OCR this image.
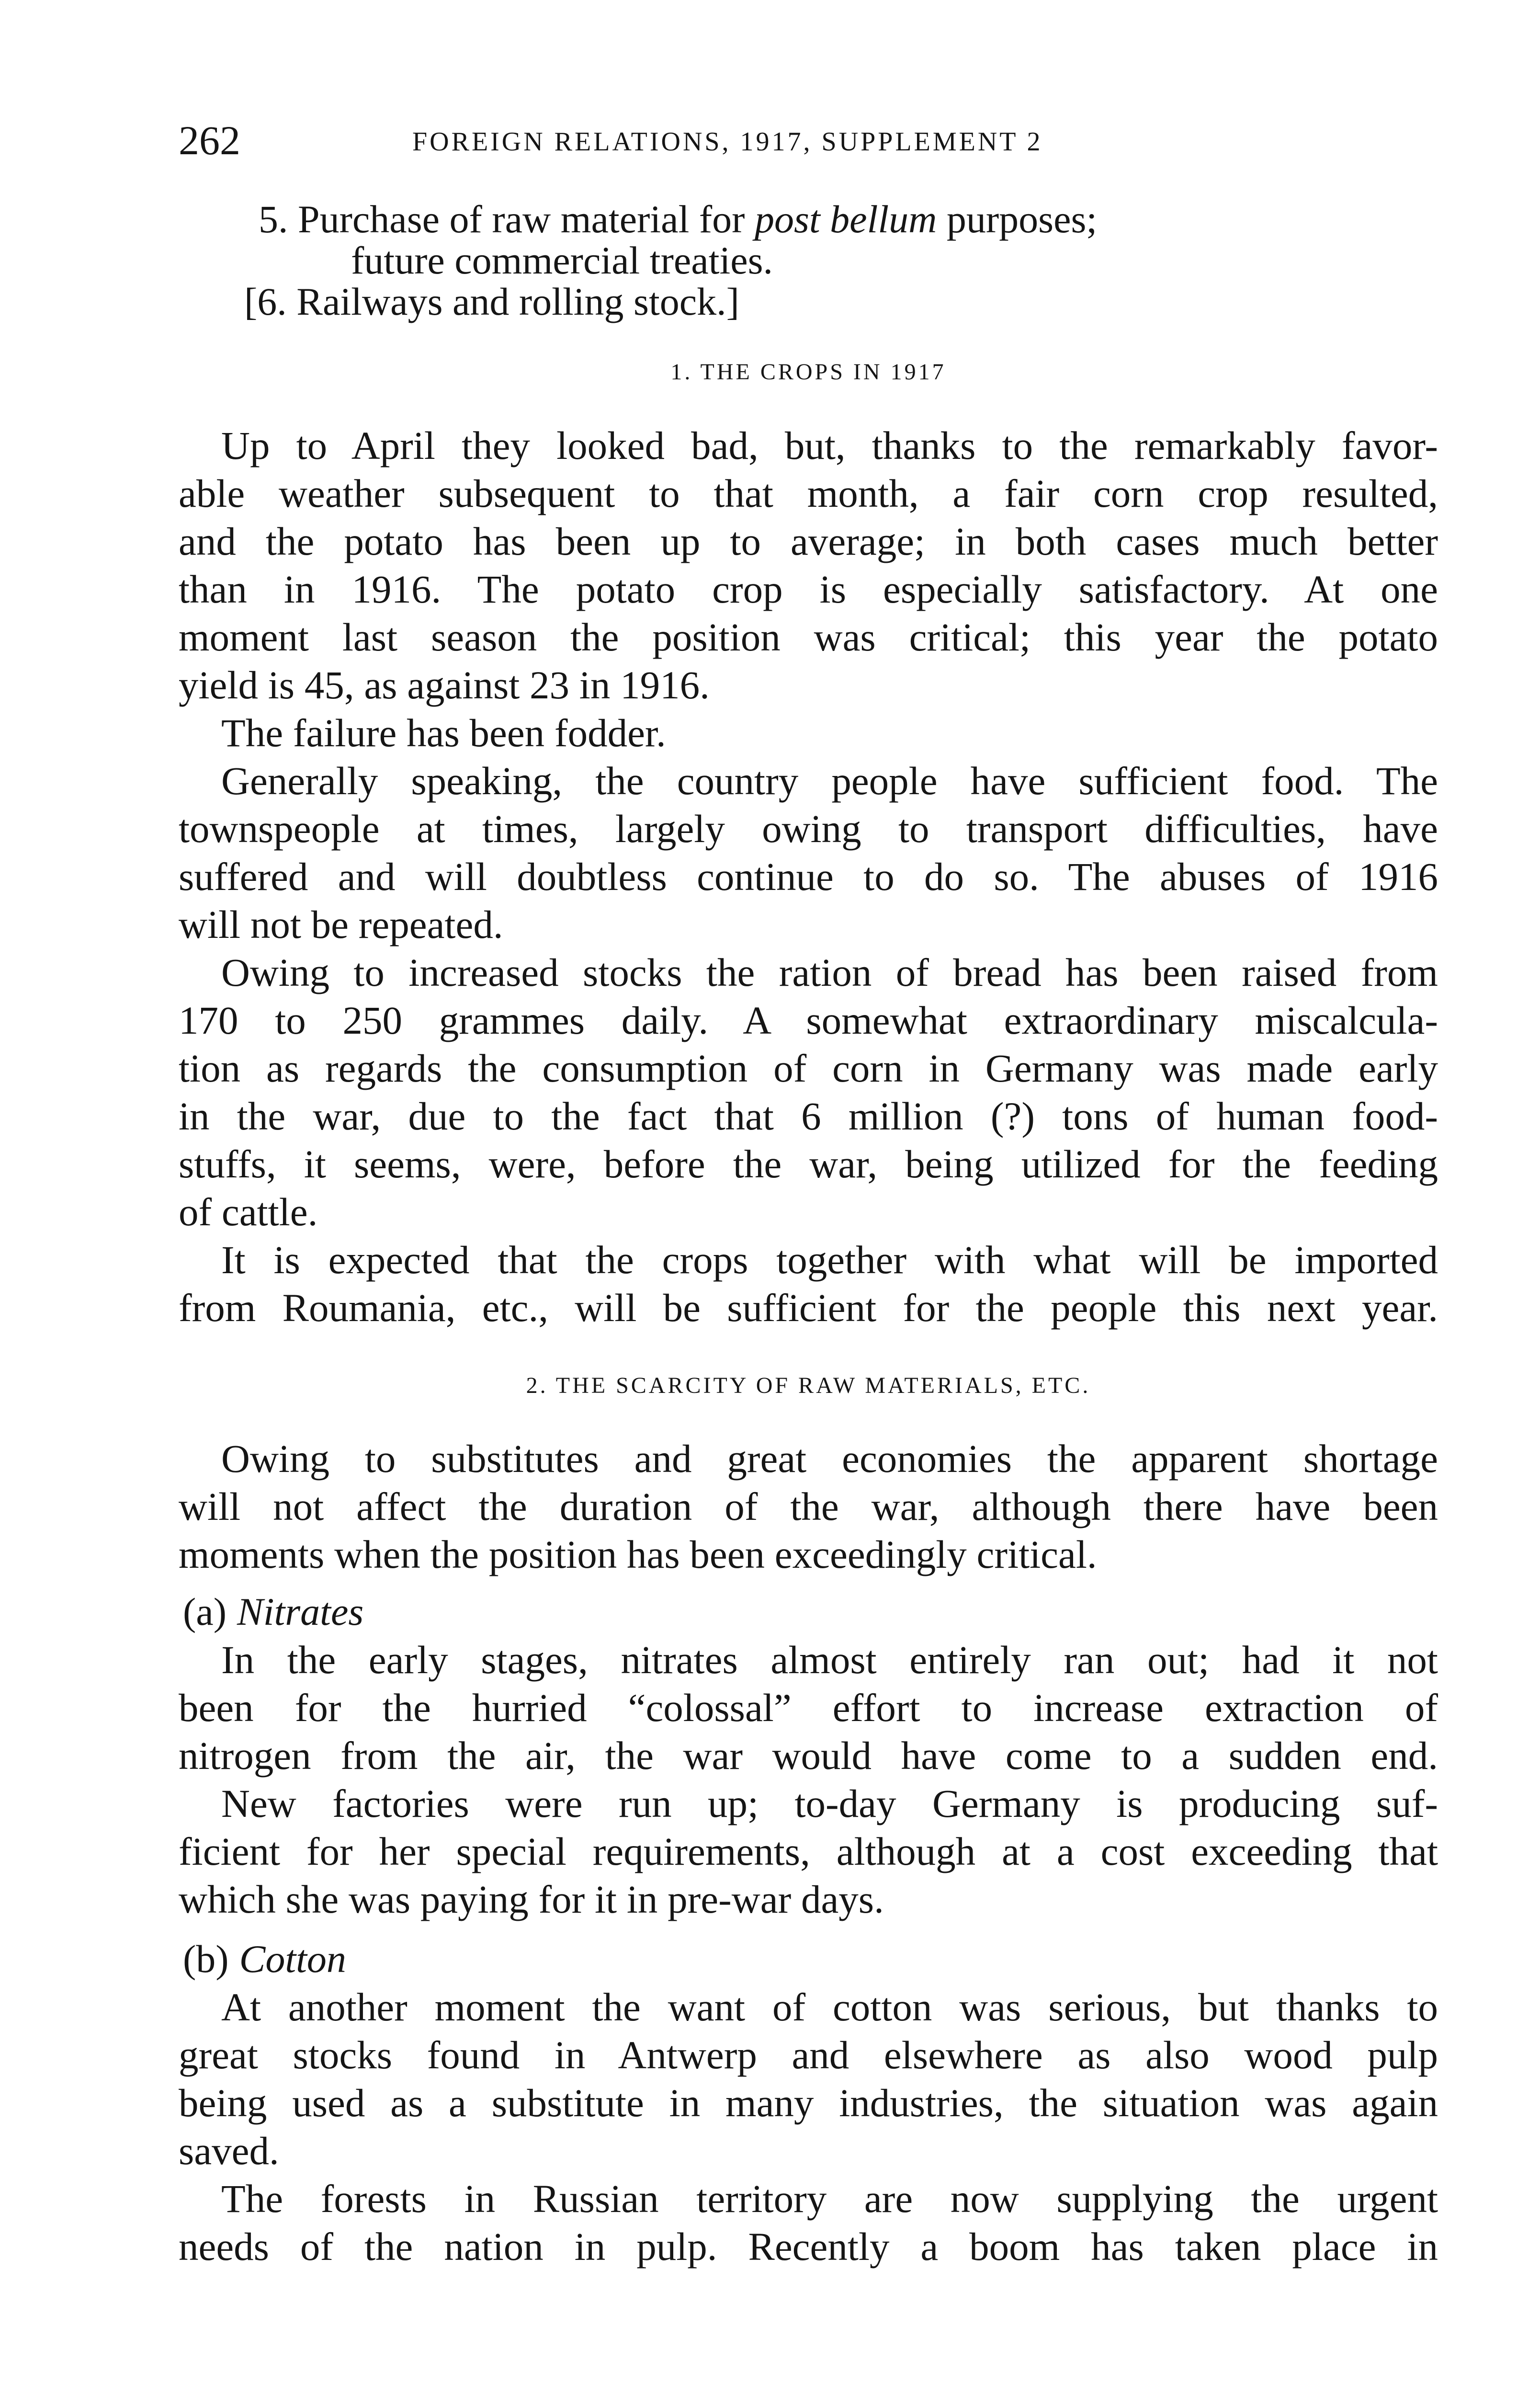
262	FOREIGN RELATIONS, 1917, SUPPLEMENT 2
5. Purchase of raw material for post bellum purposes;
future commercial treaties.
[6. Railways and rolling stock.]
1. THE CROPS IN 1917
Up to April they looked bad, but, thanks to the remarkably favor-
able weather subsequent to that month, a fair corn crop resulted,
and the potato has been up to average; in both cases much better
than in 1916. The potato crop is especially satisfactory. At one
moment last season the position was critical; this year the potato
yield is 45, as against 23 in 1916.
The failure has been fodder.
Generally speaking, the country people have sufficient food. The
townspeople at times, largely owing to transport difficulties, have
suffered and will doubtless continue to do so. The abuses of 1916
will not be repeated.
Owing to increased stocks the ration of bread has been raised from
170 to 250 grammes daily. A somewhat extraordinary miscalcula-
tion as regards the consumption of corn in Germany was made early
in the war, due to the fact that 6 million (?) tons of human food-
stuffs, it seems, were, before the war, being utilized for the feeding
of cattle.
It is expected that the crops together with what will be imported
from Roumania, etc., will be sufficient for the people this next year.
2. THE SCARCITY OF RAW MATERIALS, ETC.
Owing to substitutes and great economies the apparent shortage
will not affect the duration of the war, although there have been
moments when the position has been exceedingly critical.
(a) Nitrates
In the early stages, nitrates almost entirely ran out; had it not
been for the hurried “colossal” effort to increase extraction of
nitrogen from the air, the war would have come to a sudden end.
New factories were run up; to-day Germany is producing suf-
ficient for her special requirements, although at a cost exceeding that
which she was paying for it in pre-war days.
(b) Cotton
At another moment the want of cotton was serious, but thanks to
great stocks found in Antwerp and elsewhere as also wood pulp
being used as a substitute in many industries, the situation was again
saved.
The forests in Russian territory are now supplying the urgent
needs of the nation in pulp. Recently a boom has taken place in
